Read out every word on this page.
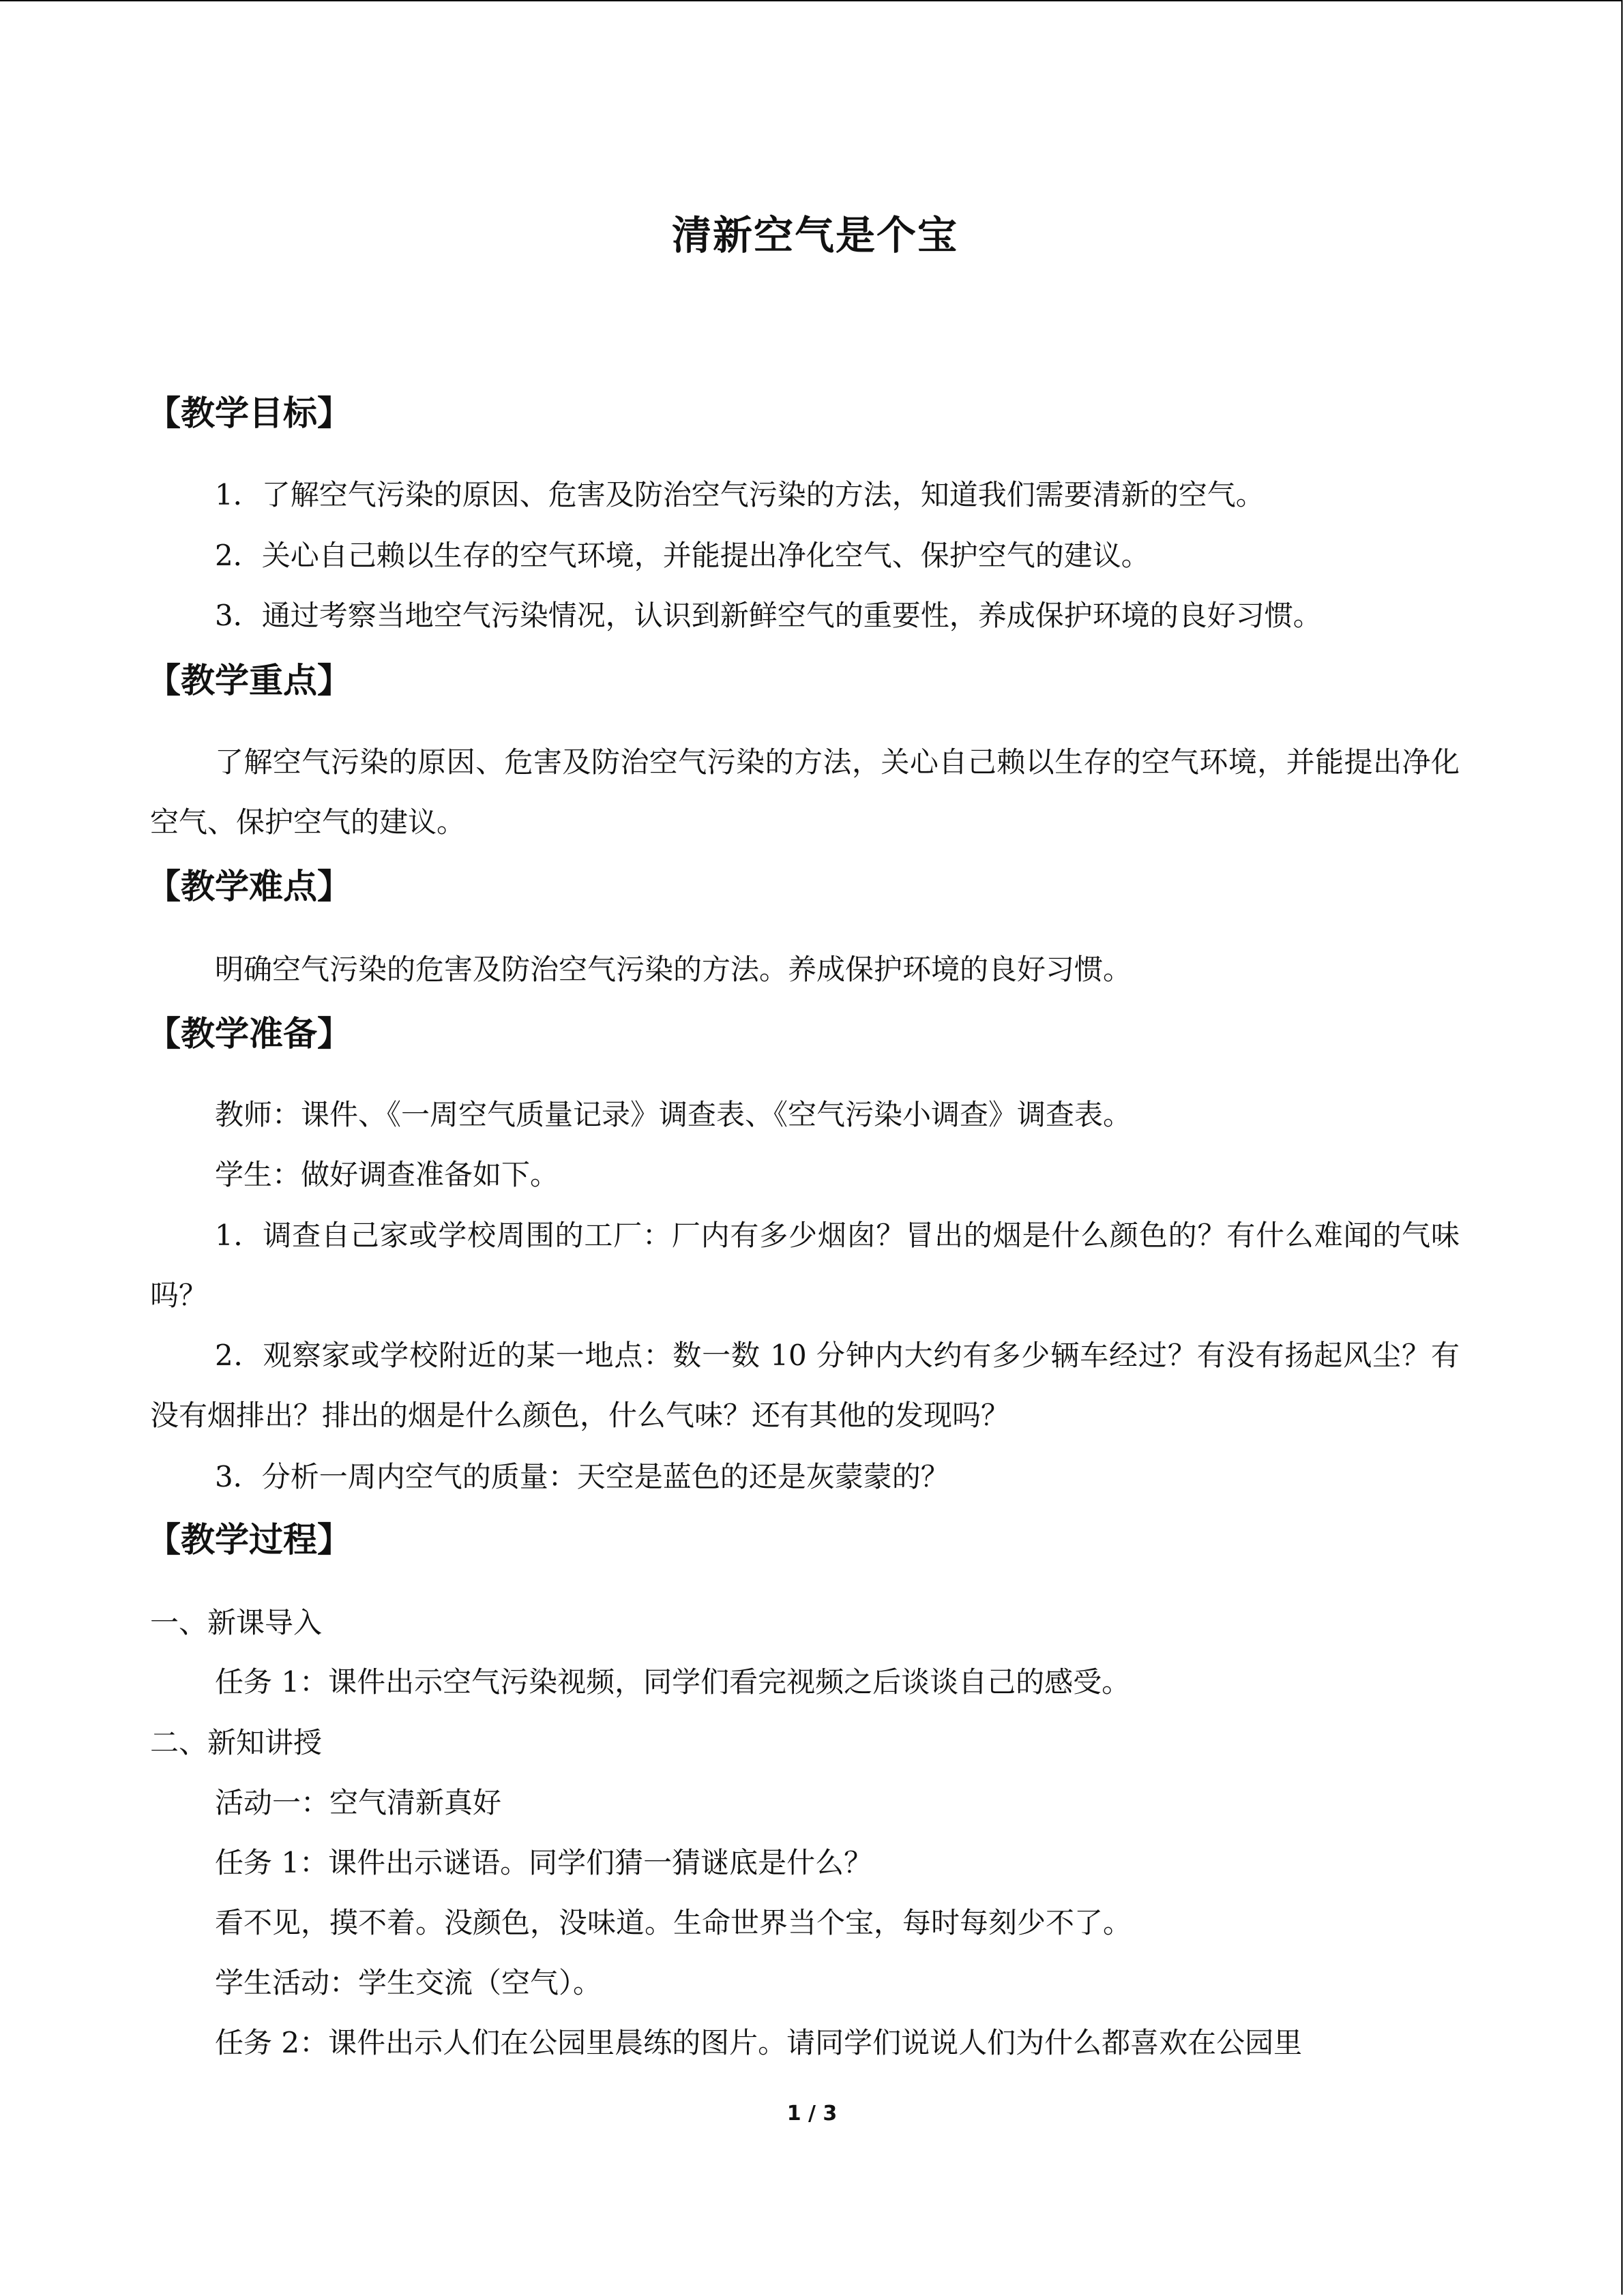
清新空气是个宝
【教学目标】
1．了解空气污染的原因、危害及防治空气污染的方法，知道我们需要清新的空气。
2．关心自己赖以生存的空气环境，并能提出净化空气、保护空气的建议。
3．通过考察当地空气污染情况，认识到新鲜空气的重要性，养成保护环境的良好习惯。
【教学重点】
了解空气污染的原因、危害及防治空气污染的方法，关心自己赖以生存的空气环境，并能提出净化空气、保护空气的建议。
【教学难点】
明确空气污染的危害及防治空气污染的方法。养成保护环境的良好习惯。
【教学准备】
教师：课件、《一周空气质量记录》调查表、《空气污染小调查》调查表。
学生：做好调查准备如下。
1．调查自己家或学校周围的工厂：厂内有多少烟囱？冒出的烟是什么颜色的？有什么难闻的气味吗？
2．观察家或学校附近的某一地点：数一数 10 分钟内大约有多少辆车经过？有没有扬起风尘？有没有烟排出？排出的烟是什么颜色，什么气味？还有其他的发现吗？
3．分析一周内空气的质量：天空是蓝色的还是灰蒙蒙的？
【教学过程】
一、新课导入
任务 1：课件出示空气污染视频，同学们看完视频之后谈谈自己的感受。
二、新知讲授
活动一：空气清新真好
任务 1：课件出示谜语。同学们猜一猜谜底是什么？
看不见，摸不着。没颜色，没味道。生命世界当个宝，每时每刻少不了。
学生活动：学生交流（空气）。
任务 2：课件出示人们在公园里晨练的图片。请同学们说说人们为什么都喜欢在公园里
1 / 3
